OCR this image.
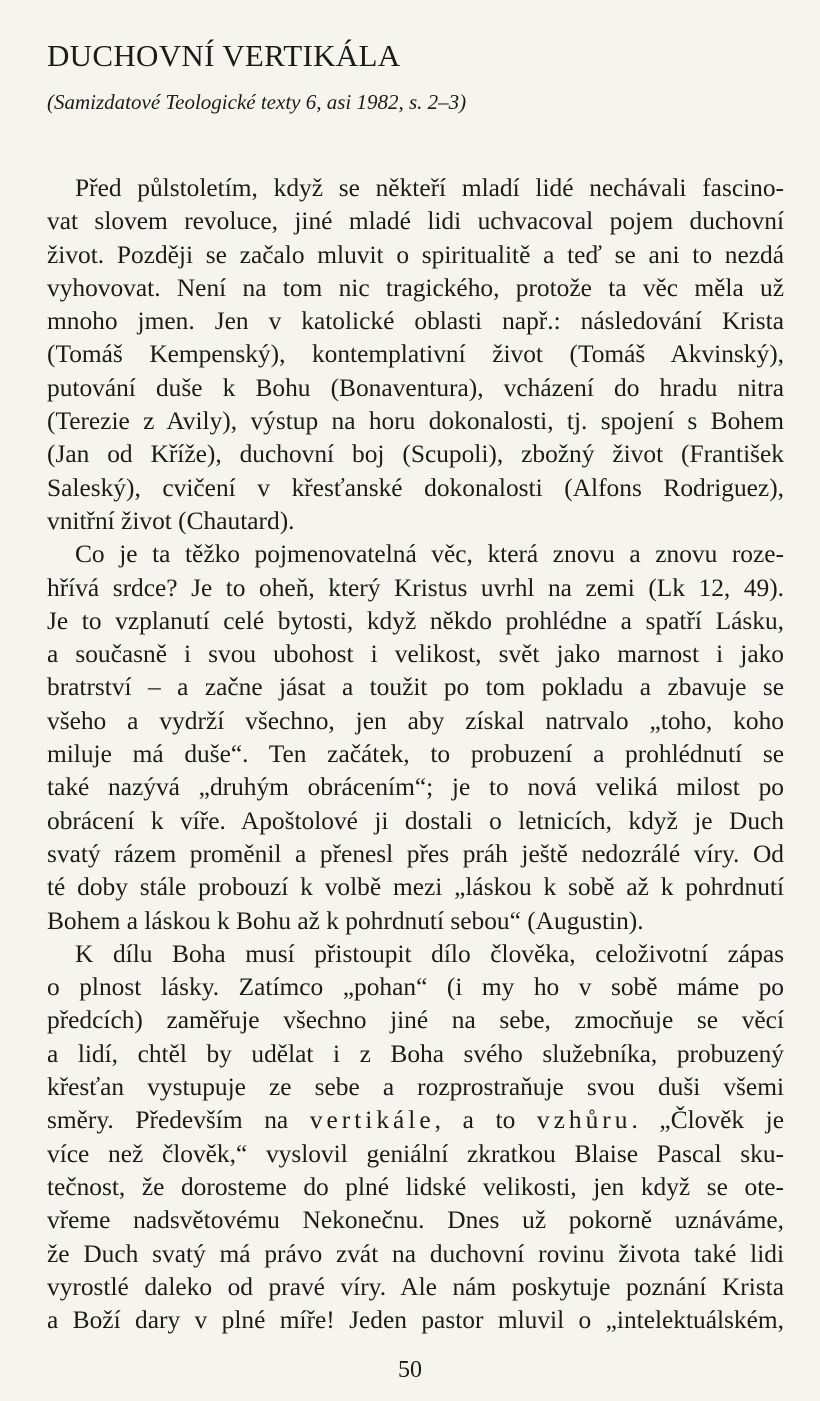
DUCHOVNÍ VERTIKÁLA

(Samizdatové Teologické texty 6, asi 1982, s. 2–3)

Před půlstoletím, když se někteří mladí lidé nechávali fascino-
vat slovem revoluce, jiné mladé lidi uchvacoval pojem duchovní
život. Později se začalo mluvit o spiritualitě a teď se ani to nezdá
vyhovovat. Není na tom nic tragického, protože ta věc měla už
mnoho jmen. Jen v katolické oblasti např.: následování Krista
(Tomáš Kempenský), kontemplativní život (Tomáš Akvinský),
putování duše k Bohu (Bonaventura), vcházení do hradu nitra
(Terezie z Avily), výstup na horu dokonalosti, tj. spojení s Bohem
(Jan od Kříže), duchovní boj (Scupoli), zbožný život (František
Saleský), cvičení v křesťanské dokonalosti (Alfons Rodriguez),
vnitřní život (Chautard).

Co je ta těžko pojmenovatelná věc, která znovu a znovu roze-
hřívá srdce? Je to oheň, který Kristus uvrhl na zemi (Lk 12, 49).
Je to vzplanutí celé bytosti, když někdo prohlédne a spatří Lásku,
a současně i svou ubohost i velikost, svět jako marnost i jako
bratrství – a začne jásat a toužit po tom pokladu a zbavuje se
všeho a vydrží všechno, jen aby získal natrvalo „toho, koho
miluje má duše“. Ten začátek, to probuzení a prohlédnutí se
také nazývá „druhým obrácením“; je to nová veliká milost po
obrácení k víře. Apoštolové ji dostali o letnicích, když je Duch
svatý rázem proměnil a přenesl přes práh ještě nedozrálé víry. Od
té doby stále probouzí k volbě mezi „láskou k sobě až k pohrdnutí
Bohem a láskou k Bohu až k pohrdnutí sebou“ (Augustin).

K dílu Boha musí přistoupit dílo člověka, celoživotní zápas
o plnost lásky. Zatímco „pohan“ (i my ho v sobě máme po
předcích) zaměřuje všechno jiné na sebe, zmocňuje se věcí
a lidí, chtěl by udělat i z Boha svého služebníka, probuzený
křesťan vystupuje ze sebe a rozprostraňuje svou duši všemi
směry. Především na vertikále, a to vzhůru. „Člověk je
více než člověk,“ vyslovil geniální zkratkou Blaise Pascal sku-
tečnost, že dorosteme do plné lidské velikosti, jen když se ote-
vřeme nadsvětovému Nekonečnu. Dnes už pokorně uznáváme,
že Duch svatý má právo zvát na duchovní rovinu života také lidi
vyrostlé daleko od pravé víry. Ale nám poskytuje poznání Krista
a Boží dary v plné míře! Jeden pastor mluvil o „intelektuálském,

50
